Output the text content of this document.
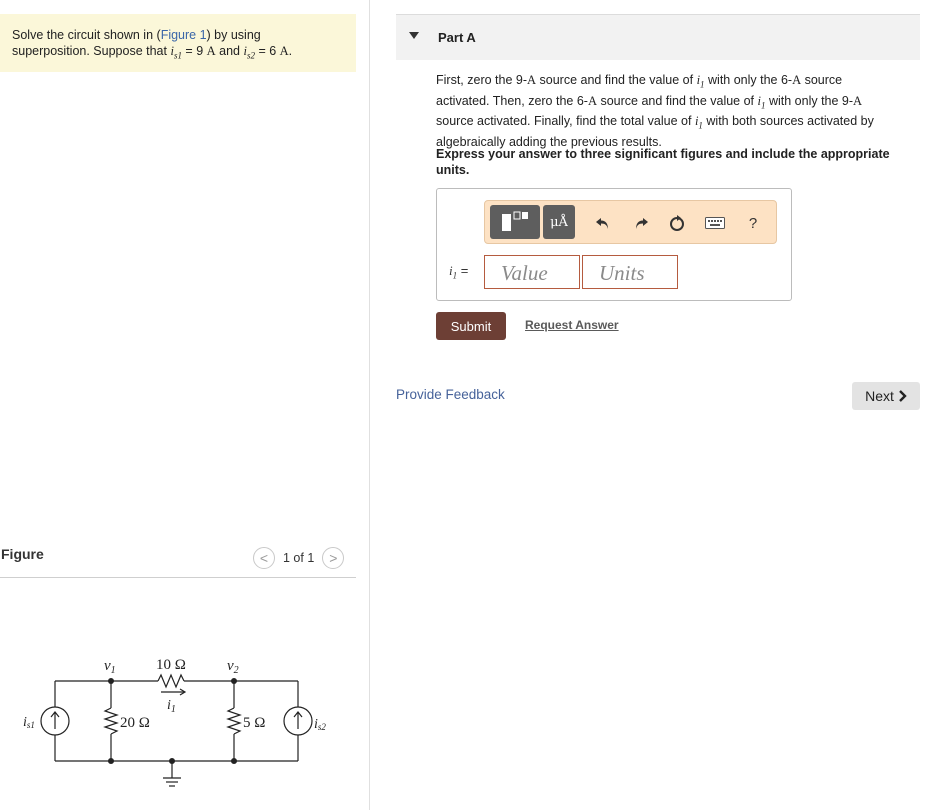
Solve the circuit shown in (Figure 1) by using
superposition. Suppose that $i_{s1} = 9$ A and $i_{s2} = 6$ A.
Figure	< 1 of 1 >
$v_1$	$v_2$
10 Ω
$i_1$
20 Ω	5 Ω
is1	is2
Part A

First, zero the 9-A source and find the value of $i_1$ with only the 6-A source

activated. Then, zero the 6-A source and find the value of $i_1$ with only the 9-A

source activated. Finally, find the total value of $i_1$ with both sources activated by

algebraically adding the previous results.

Express your answer to three significant figures and include the appropriate units.
μÅ	?
$i_1$ =	Value	Units
Submit	Request Answer
Provide Feedback	Next
